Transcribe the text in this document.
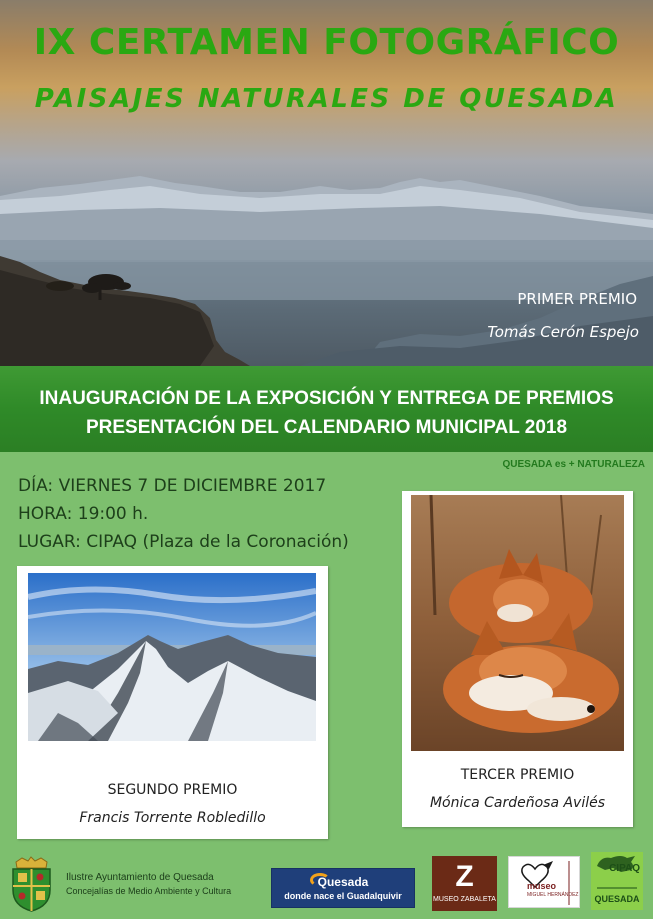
IX CERTAMEN FOTOGRÁFICO
PAISAJES NATURALES DE QUESADA
PRIMER PREMIO
Tomás Cerón Espejo
INAUGURACIÓN DE LA EXPOSICIÓN Y ENTREGA DE PREMIOS
PRESENTACIÓN DEL CALENDARIO MUNICIPAL 2018
QUESADA es + NATURALEZA
DÍA: VIERNES 7 DE DICIEMBRE 2017
HORA: 19:00 h.
LUGAR: CIPAQ (Plaza de la Coronación)
SEGUNDO PREMIO
Francis Torrente Robledillo
TERCER PREMIO
Mónica Cardeñosa Avilés
Ilustre Ayuntamiento de Quesada
Concejalías de Medio Ambiente y Cultura
Quesada
donde nace el Guadalquivir
Z
MUSEO ZABALETA
museo
MIGUEL HERNÁNDEZ
CIPAQ
QUESADA
